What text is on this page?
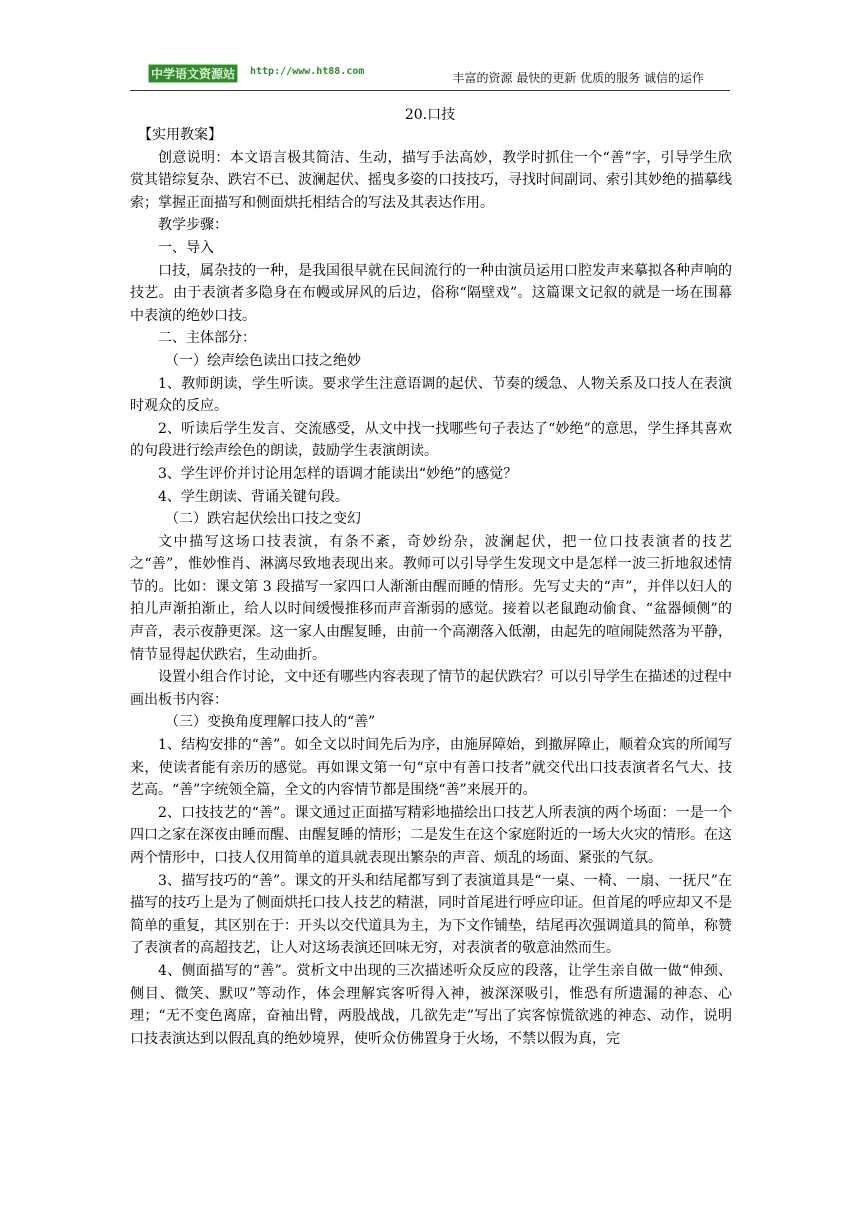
中学语文资源站	http://www.ht88.com	丰富的资源 最快的更新 优质的服务 诚信的运作
20.口技

【实用教案】

创意说明：本文语言极其简洁、生动，描写手法高妙，教学时抓住一个“善”字，引导学生欣赏其错综复杂、跌宕不已、波澜起伏、摇曳多姿的口技技巧，寻找时间副词、索引其妙绝的描摹线索；掌握正面描写和侧面烘托相结合的写法及其表达作用。

教学步骤：

一、导入

口技，属杂技的一种，是我国很早就在民间流行的一种由演员运用口腔发声来摹拟各种声响的技艺。由于表演者多隐身在布幔或屏风的后边，俗称“隔壁戏”。这篇课文记叙的就是一场在围幕中表演的绝妙口技。

二、主体部分：

（一）绘声绘色读出口技之绝妙

1、教师朗读，学生听读。要求学生注意语调的起伏、节奏的缓急、人物关系及口技人在表演时观众的反应。

2、听读后学生发言、交流感受，从文中找一找哪些句子表达了“妙绝”的意思，学生择其喜欢的句段进行绘声绘色的朗读，鼓励学生表演朗读。

3、学生评价并讨论用怎样的语调才能读出“妙绝”的感觉？

4、学生朗读、背诵关键句段。

（二）跌宕起伏绘出口技之变幻

文中描写这场口技表演，有条不紊，奇妙纷杂，波澜起伏，把一位口技表演者的技艺之“善”，惟妙惟肖、淋漓尽致地表现出来。教师可以引导学生发现文中是怎样一波三折地叙述情节的。比如：课文第 3 段描写一家四口人渐渐由醒而睡的情形。先写丈夫的“声”，并伴以妇人的拍儿声渐拍渐止，给人以时间缓慢推移而声音渐弱的感觉。接着以老鼠跑动偷食、“盆器倾侧”的声音，表示夜静更深。这一家人由醒复睡，由前一个高潮落入低潮，由起先的喧闹陡然落为平静，情节显得起伏跌宕，生动曲折。

设置小组合作讨论，文中还有哪些内容表现了情节的起伏跌宕？可以引导学生在描述的过程中画出板书内容：

（三）变换角度理解口技人的“善”

1、结构安排的“善”。如全文以时间先后为序，由施屏障始，到撤屏障止，顺着众宾的所闻写来，使读者能有亲历的感觉。再如课文第一句“京中有善口技者”就交代出口技表演者名气大、技艺高。“善”字统领全篇，全文的内容情节都是围绕“善”来展开的。

2、口技技艺的“善”。课文通过正面描写精彩地描绘出口技艺人所表演的两个场面：一是一个四口之家在深夜由睡而醒、由醒复睡的情形；二是发生在这个家庭附近的一场大火灾的情形。在这两个情形中，口技人仅用简单的道具就表现出繁杂的声音、烦乱的场面、紧张的气氛。

3、描写技巧的“善”。课文的开头和结尾都写到了表演道具是“一桌、一椅、一扇、一抚尺”在描写的技巧上是为了侧面烘托口技人技艺的精湛，同时首尾进行呼应印证。但首尾的呼应却又不是简单的重复，其区别在于：开头以交代道具为主，为下文作铺垫，结尾再次强调道具的简单，称赞了表演者的高超技艺，让人对这场表演还回味无穷，对表演者的敬意油然而生。

4、侧面描写的“善”。赏析文中出现的三次描述听众反应的段落，让学生亲自做一做“伸颈、侧目、微笑、默叹”等动作，体会理解宾客听得入神，被深深吸引，惟恐有所遗漏的神态、心理；“无不变色离席，奋袖出臂，两股战战，几欲先走”写出了宾客惊慌欲逃的神态、动作，说明口技表演达到以假乱真的绝妙境界，使听众仿佛置身于火场，不禁以假为真，完
